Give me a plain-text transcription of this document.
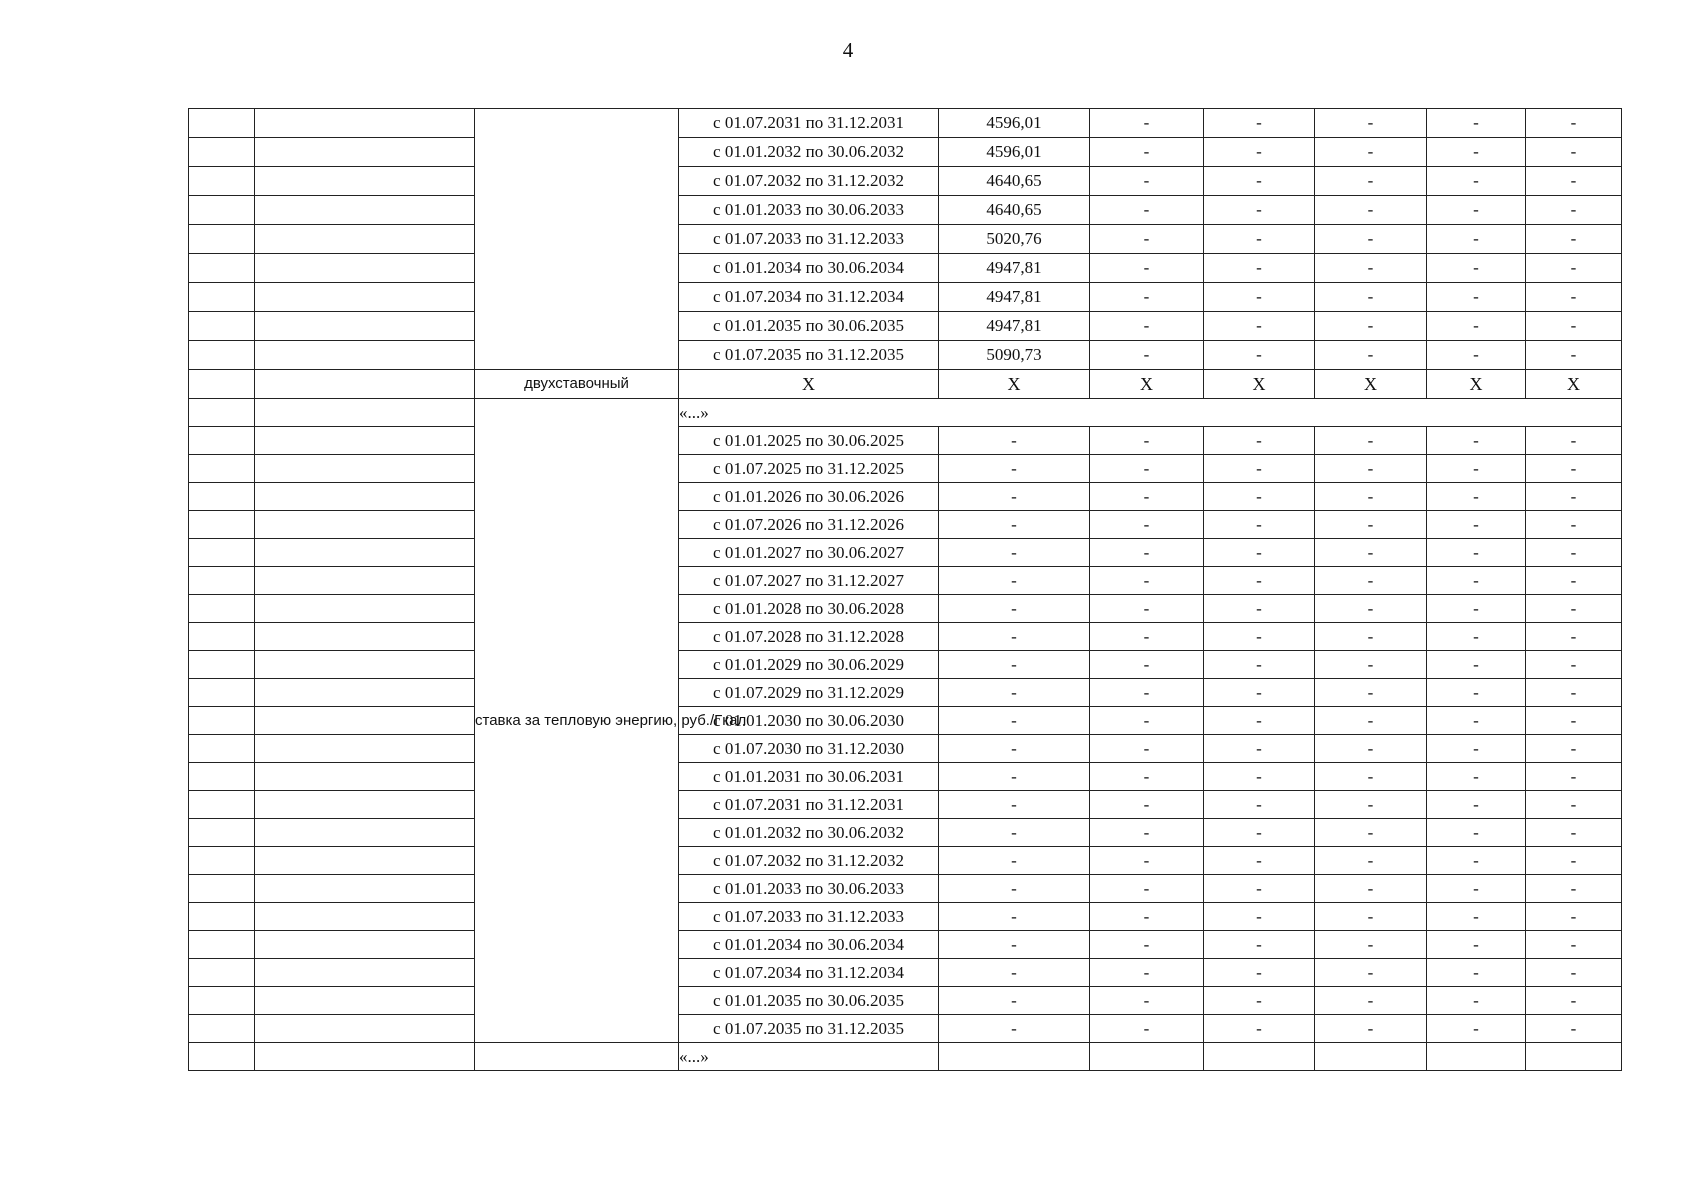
4
			с 01.07.2031 по 31.12.2031	4596,01	-	-	-	-	-
			с 01.01.2032 по 30.06.2032	4596,01	-	-	-	-	-
			с 01.07.2032 по 31.12.2032	4640,65	-	-	-	-	-
			с 01.01.2033 по 30.06.2033	4640,65	-	-	-	-	-
			с 01.07.2033 по 31.12.2033	5020,76	-	-	-	-	-
			с 01.01.2034 по 30.06.2034	4947,81	-	-	-	-	-
			с 01.07.2034 по 31.12.2034	4947,81	-	-	-	-	-
			с 01.01.2035 по 30.06.2035	4947,81	-	-	-	-	-
			с 01.07.2035 по 31.12.2035	5090,73	-	-	-	-	-
		двухставочный	Х	Х	Х	Х	Х	Х	Х
		ставка за тепловую энергию, руб./Гкал	«...»						
			с 01.01.2025 по 30.06.2025	-	-	-	-	-	-
			с 01.07.2025 по 31.12.2025	-	-	-	-	-	-
			с 01.01.2026 по 30.06.2026	-	-	-	-	-	-
			с 01.07.2026 по 31.12.2026	-	-	-	-	-	-
			с 01.01.2027 по 30.06.2027	-	-	-	-	-	-
			с 01.07.2027 по 31.12.2027	-	-	-	-	-	-
			с 01.01.2028 по 30.06.2028	-	-	-	-	-	-
			с 01.07.2028 по 31.12.2028	-	-	-	-	-	-
			с 01.01.2029 по 30.06.2029	-	-	-	-	-	-
			с 01.07.2029 по 31.12.2029	-	-	-	-	-	-
			с 01.01.2030 по 30.06.2030	-	-	-	-	-	-
			с 01.07.2030 по 31.12.2030	-	-	-	-	-	-
			с 01.01.2031 по 30.06.2031	-	-	-	-	-	-
			с 01.07.2031 по 31.12.2031	-	-	-	-	-	-
			с 01.01.2032 по 30.06.2032	-	-	-	-	-	-
			с 01.07.2032 по 31.12.2032	-	-	-	-	-	-
			с 01.01.2033 по 30.06.2033	-	-	-	-	-	-
			с 01.07.2033 по 31.12.2033	-	-	-	-	-	-
			с 01.01.2034 по 30.06.2034	-	-	-	-	-	-
			с 01.07.2034 по 31.12.2034	-	-	-	-	-	-
			с 01.01.2035 по 30.06.2035	-	-	-	-	-	-
			с 01.07.2035 по 31.12.2035	-	-	-	-	-	-
			«...»						
